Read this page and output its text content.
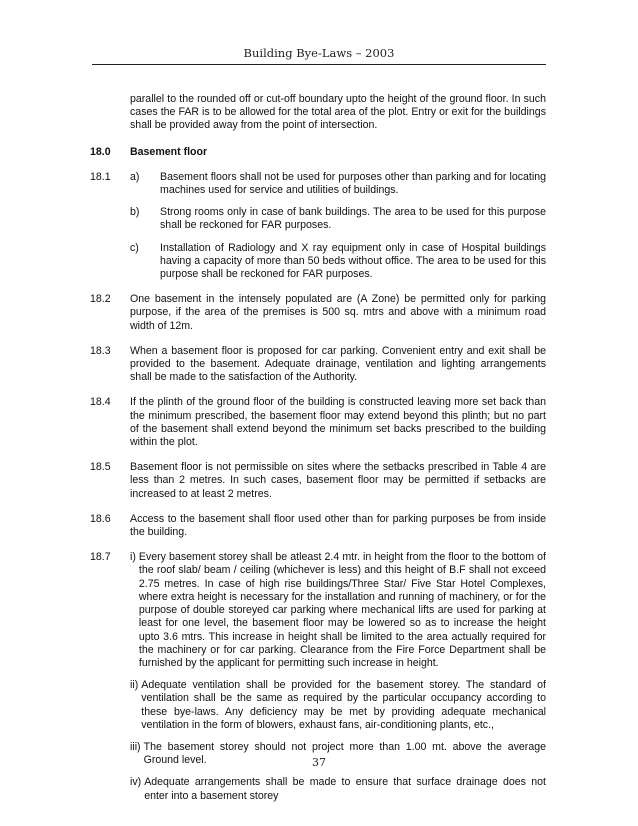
Building Bye-Laws – 2003

parallel to the rounded off or cut-off boundary upto the height of the ground floor. In such cases the FAR is to be allowed for the total area of the plot. Entry or exit for the buildings shall be provided away from the point of intersection.

18.0	Basement floor
18.1	a)	Basement floors shall not be used for purposes other than parking and for locating machines used for service and utilities of buildings.
b)	Strong rooms only in case of bank buildings. The area to be used for this purpose shall be reckoned for FAR purposes.
c)	Installation of Radiology and X ray equipment only in case of Hospital buildings having a capacity of more than 50 beds without office. The area to be used for this purpose shall be reckoned for FAR purposes.
18.2	One basement in the intensely populated are (A Zone) be permitted only for parking purpose, if the area of the premises is 500 sq. mtrs and above with a minimum road width of 12m.
18.3	When a basement floor is proposed for car parking. Convenient entry and exit shall be provided to the basement. Adequate drainage, ventilation and lighting arrangements shall be made to the satisfaction of the Authority.
18.4	If the plinth of the ground floor of the building is constructed leaving more set back than the minimum prescribed, the basement floor may extend beyond this plinth; but no part of the basement shall extend beyond the minimum set backs prescribed to the building within the plot.
18.5	Basement floor is not permissible on sites where the setbacks prescribed in Table 4 are less than 2 metres. In such cases, basement floor may be permitted if setbacks are increased to at least 2 metres.
18.6	Access to the basement shall floor used other than for parking purposes be from inside the building.
18.7	i) Every basement storey shall be atleast 2.4 mtr. in height from the floor to the bottom of the roof slab/ beam / ceiling (whichever is less) and this height of B.F shall not exceed 2.75 metres. In case of high rise buildings/Three Star/ Five Star Hotel Complexes, where extra height is necessary for the installation and running of machinery, or for the purpose of double storeyed car parking where mechanical lifts are used for parking at least for one level, the basement floor may be lowered so as to increase the height upto 3.6 mtrs. This increase in height shall be limited to the area actually required for the machinery or for car parking. Clearance from the Fire Force Department shall be furnished by the applicant for permitting such increase in height.
ii) Adequate ventilation shall be provided for the basement storey. The standard of ventilation shall be the same as required by the particular occupancy according to these bye-laws. Any deficiency may be met by providing adequate mechanical ventilation in the form of blowers, exhaust fans, air-conditioning plants, etc.,
iii) The basement storey should not project more than 1.00 mt. above the average Ground level.
iv) Adequate arrangements shall be made to ensure that surface drainage does not enter into a basement storey
37
